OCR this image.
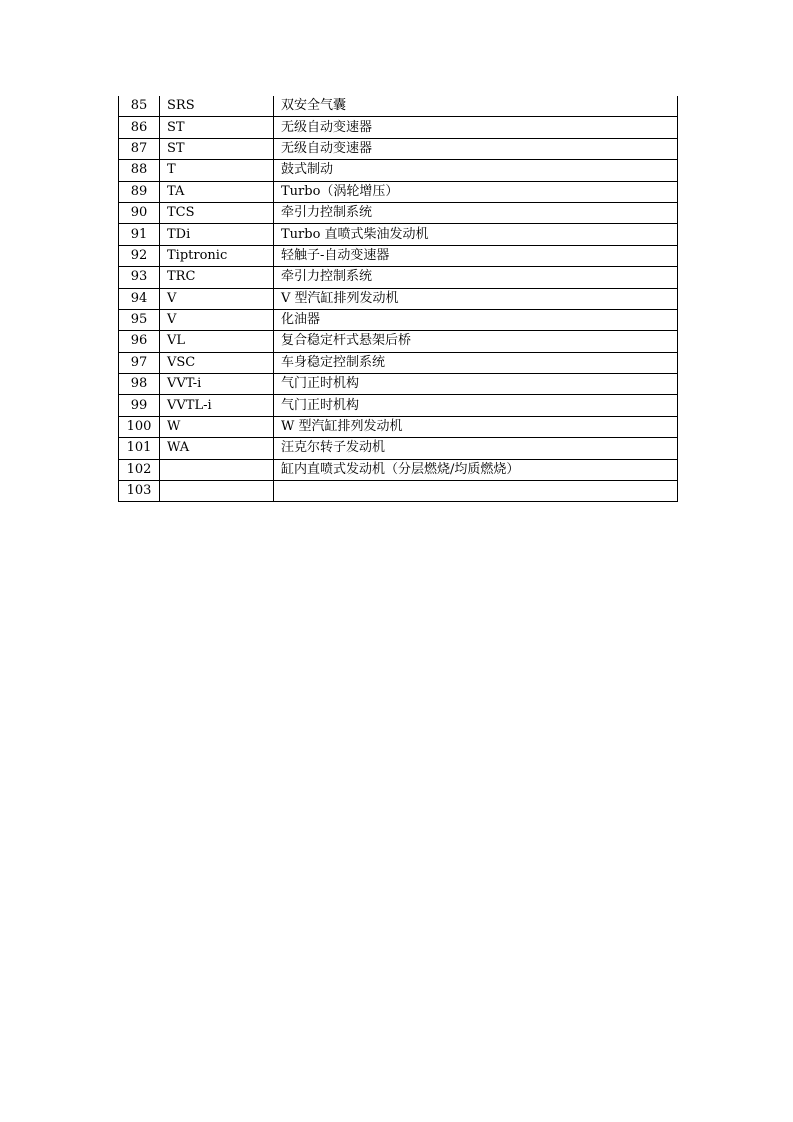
85	SRS	双安全气囊
86	ST	无级自动变速器
87	ST	无级自动变速器
88	T	鼓式制动
89	TA	Turbo（涡轮增压）
90	TCS	牵引力控制系统
91	TDi	Turbo 直喷式柴油发动机
92	Tiptronic	轻触子-自动变速器
93	TRC	牵引力控制系统
94	V	V 型汽缸排列发动机
95	V	化油器
96	VL	复合稳定杆式悬架后桥
97	VSC	车身稳定控制系统
98	VVT-i	气门正时机构
99	VVTL-i	气门正时机构
100	W	W 型汽缸排列发动机
101	WA	汪克尔转子发动机
102		缸内直喷式发动机（分层燃烧/均质燃烧）
103		
